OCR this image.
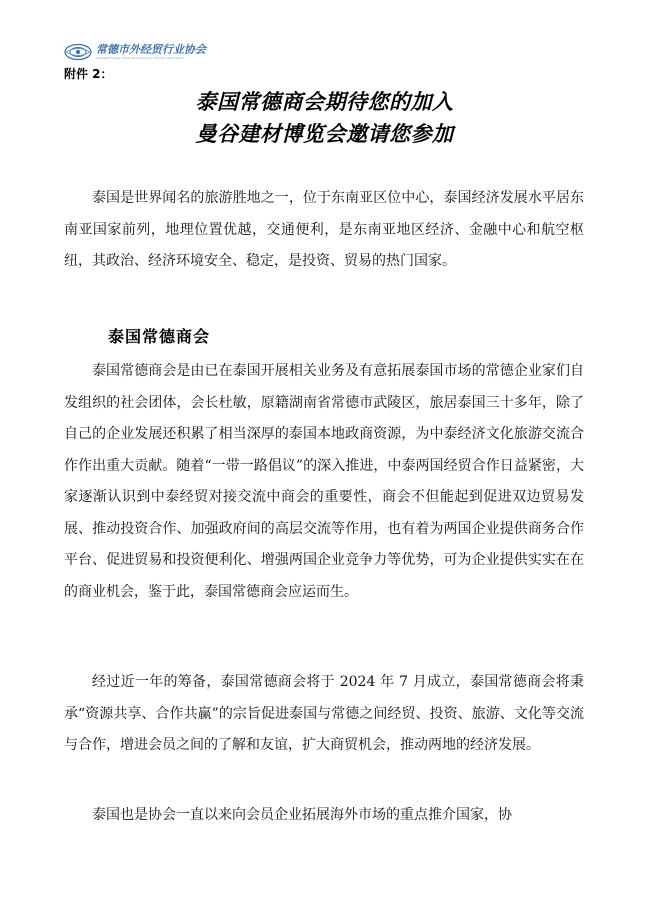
常德市外经贸行业协会
Changde Foreign Trade and Economic Industry Association
附件 2：
泰国常德商会期待您的加入
曼谷建材博览会邀请您参加

泰国是世界闻名的旅游胜地之一，位于东南亚区位中心，泰国经济发展水平居东南亚国家前列，地理位置优越，交通便利，是东南亚地区经济、金融中心和航空枢纽，其政治、经济环境安全、稳定，是投资、贸易的热门国家。

泰国常德商会

泰国常德商会是由已在泰国开展相关业务及有意拓展泰国市场的常德企业家们自发组织的社会团体，会长杜敏，原籍湖南省常德市武陵区，旅居泰国三十多年，除了自己的企业发展还积累了相当深厚的泰国本地政商资源，为中泰经济文化旅游交流合作作出重大贡献。随着“一带一路倡议”的深入推进，中泰两国经贸合作日益紧密，大家逐渐认识到中泰经贸对接交流中商会的重要性，商会不但能起到促进双边贸易发展、推动投资合作、加强政府间的高层交流等作用，也有着为两国企业提供商务合作平台、促进贸易和投资便利化、增强两国企业竞争力等优势，可为企业提供实实在在的商业机会，鉴于此，泰国常德商会应运而生。

经过近一年的筹备，泰国常德商会将于 2024 年 7 月成立，泰国常德商会将秉承“资源共享、合作共赢”的宗旨促进泰国与常德之间经贸、投资、旅游、文化等交流与合作，增进会员之间的了解和友谊，扩大商贸机会，推动两地的经济发展。

泰国也是协会一直以来向会员企业拓展海外市场的重点推介国家，协
